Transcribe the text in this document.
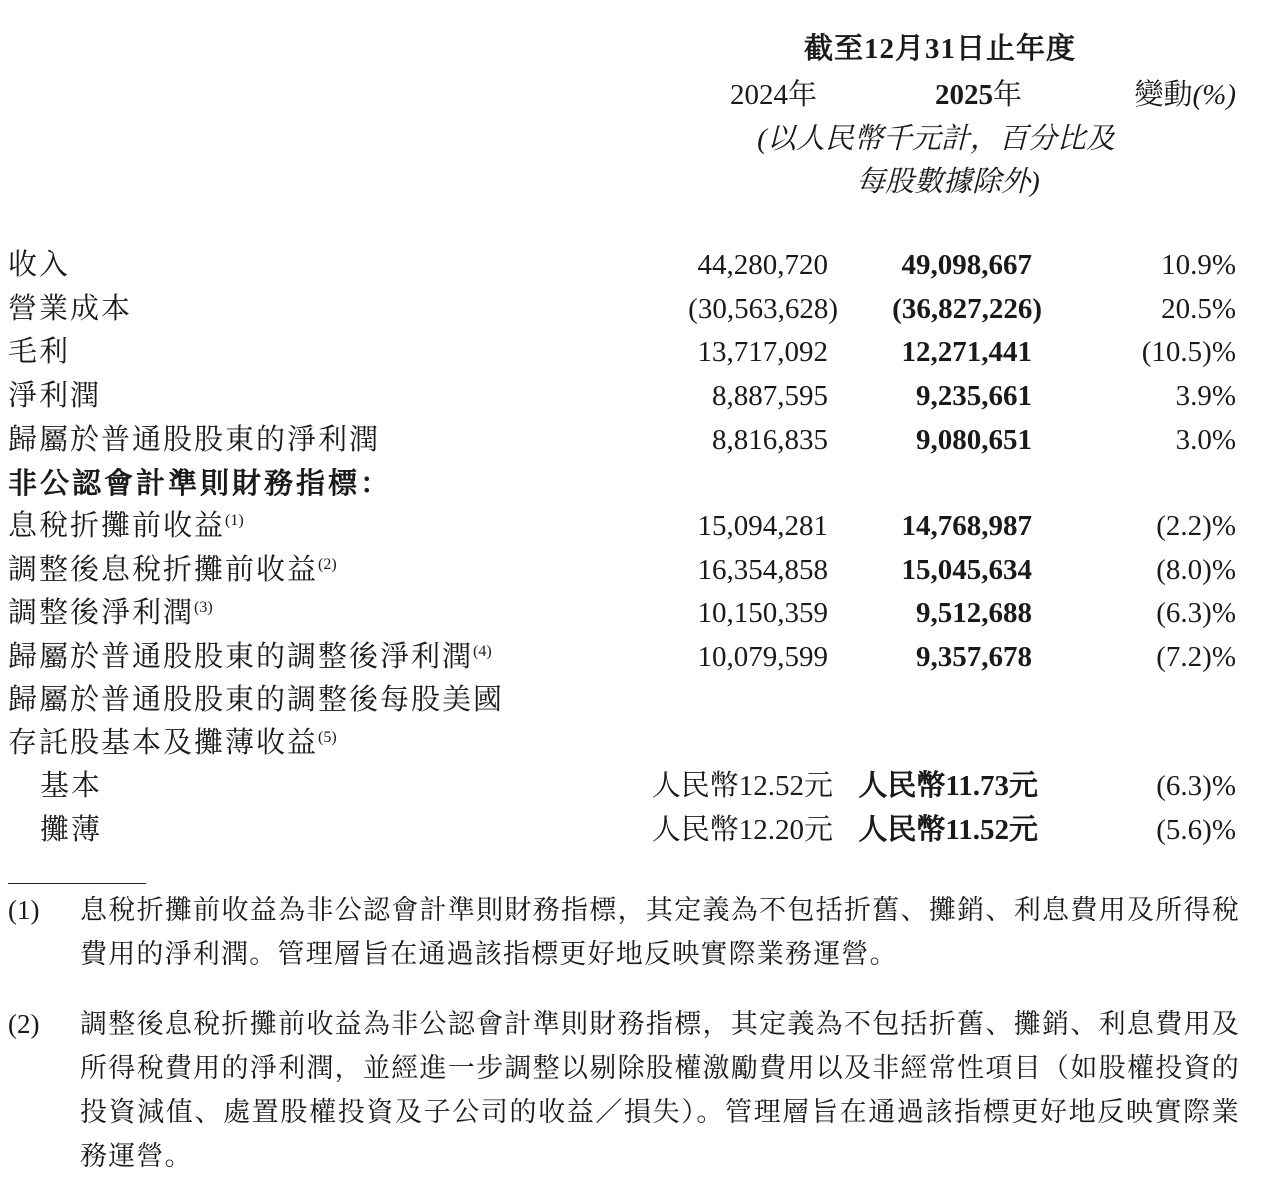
截至12月31日止年度
2024年	2025年	變動(%)
(以人民幣千元計，百分比及
每股數據除外)
收入	44,280,720	49,098,667	10.9%
營業成本	(30,563,628) (36,827,226)	20.5%
毛利	13,717,092	12,271,441	(10.5)%
淨利潤	8,887,595	9,235,661	3.9%
歸屬於普通股股東的淨利潤	8,816,835	9,080,651	3.0%
非公認會計準則財務指標：
息稅折攤前收益$^{(1)}$	15,094,281	14,768,987	(2.2)%
調整後息稅折攤前收益$^{(2)}$	16,354,858	15,045,634	(8.0)%
調整後淨利潤$^{(3)}$	10,150,359	9,512,688	(6.3)%
歸屬於普通股股東的調整後淨利潤$^{(4)}$	10,079,599	9,357,678	(7.2)%
歸屬於普通股股東的調整後每股美國
存託股基本及攤薄收益$^{(5)}$
基本	人民幣12.52元 人民幣11.73元	(6.3)%
攤薄	人民幣12.20元 人民幣11.52元	(5.6)%
(1) 息稅折攤前收益為非公認會計準則財務指標，其定義為不包括折舊、攤銷、利息費用及所得稅費用的淨利潤。管理層旨在通過該指標更好地反映實際業務運營。
(2) 調整後息稅折攤前收益為非公認會計準則財務指標，其定義為不包括折舊、攤銷、利息費用及所得稅費用的淨利潤，並經進一步調整以剔除股權激勵費用以及非經常性項目（如股權投資的投資減值、處置股權投資及子公司的收益／損失）。管理層旨在通過該指標更好地反映實際業務運營。
